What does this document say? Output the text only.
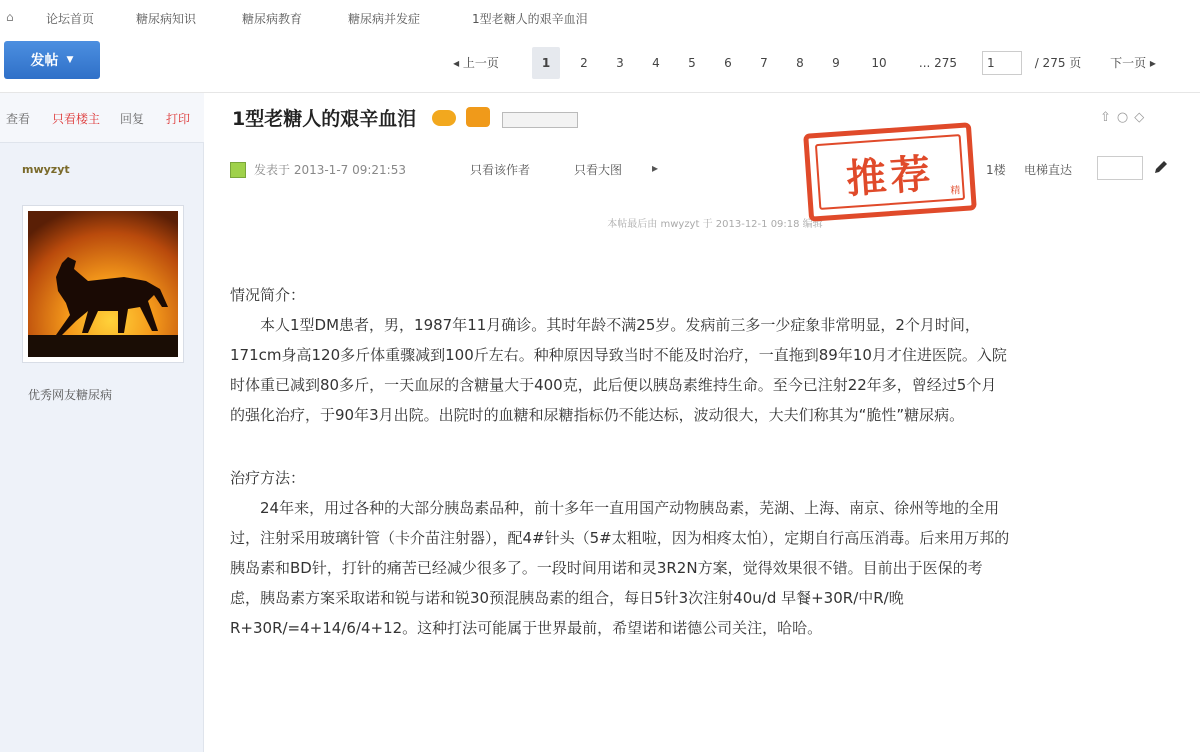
⌂	论坛首页	糖尿病知识	糖尿病教育	糖尿病并发症	1型老糖人的艰辛血泪
发帖 ▼	◂ 上一页	1	2	3	4	5	6	7	8	9	10	... 275
1	/ 275 页	下一页 ▸
查看 只看楼主 回复 打印
mwyzyt
优秀网友糖尿病
1型老糖人的艰辛血泪	⇧○◇
发表于 2013-1-7 09:21:53	只看该作者	只看大图 ▸	1楼 电梯直达
本帖最后由 mwyzyt 于 2013-12-1 09:18 编辑
推荐	精
情况简介：

本人1型DM患者，男，1987年11月确诊。其时年龄不满25岁。发病前三多一少症象非常明显，2个月时间，171cm身高120多斤体重骤减到100斤左右。种种原因导致当时不能及时治疗，一直拖到89年10月才住进医院。入院时体重已减到80多斤，一天血尿的含糖量大于400克，此后便以胰岛素维持生命。至今已注射22年多，曾经过5个月的强化治疗，于90年3月出院。出院时的血糖和尿糖指标仍不能达标，波动很大，大夫们称其为“脆性”糖尿病。

治疗方法：

24年来，用过各种的大部分胰岛素品种，前十多年一直用国产动物胰岛素，芜湖、上海、南京、徐州等地的全用过，注射采用玻璃针管（卡介苗注射器），配4#针头（5#太粗啦，因为相疼太怕），定期自行高压消毒。后来用万邦的胰岛素和BD针，打针的痛苦已经减少很多了。一段时间用诺和灵3R2N方案，觉得效果很不错。目前出于医保的考虑，胰岛素方案采取诺和锐与诺和锐30预混胰岛素的组合，每日5针3次注射40u/d 早餐+30R/中R/晚R+30R/=4+14/6/4+12。这种打法可能属于世界最前，希望诺和诺德公司关注，哈哈。
